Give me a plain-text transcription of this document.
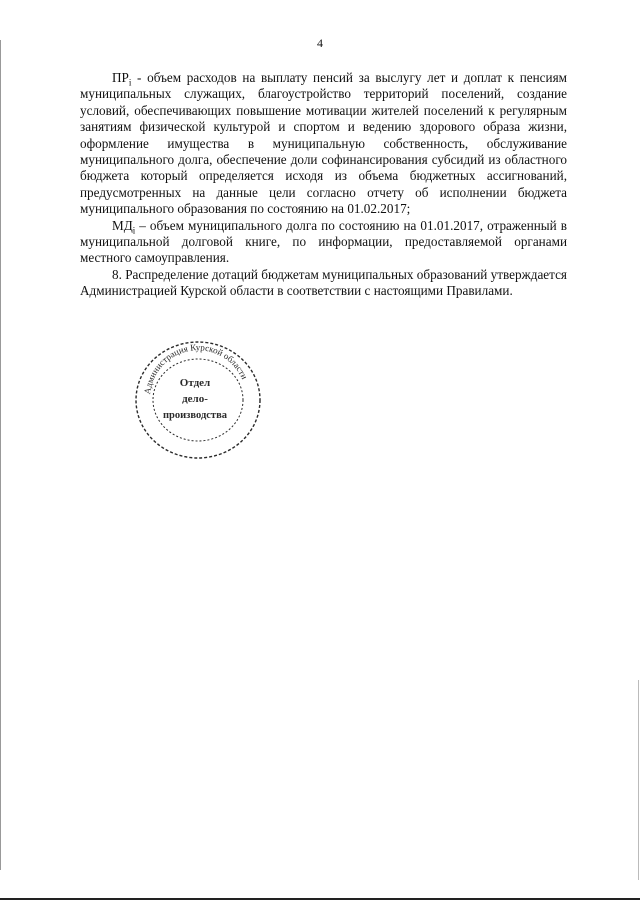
4

$ПР_i$ - объем расходов на выплату пенсий за выслугу лет и доплат к пенсиям муниципальных служащих, благоустройство территорий поселений, создание условий, обеспечивающих повышение мотивации жителей поселений к регулярным занятиям физической культурой и спортом и ведению здорового образа жизни, оформление имущества в муниципальную собственность, обслуживание муниципального долга, обеспечение доли софинансирования субсидий из областного бюджета который определяется исходя из объема бюджетных ассигнований, предусмотренных на данные цели согласно отчету об исполнении бюджета муниципального образования по состоянию на 01.02.2017;

$МД_i$ – объем муниципального долга по состоянию на 01.01.2017, отраженный в муниципальной долговой книге, по информации, предоставляемой органами местного самоуправления.

8. Распределение дотаций бюджетам муниципальных образований утверждается Администрацией Курской области в соответствии с настоящими Правилами.

Администрация Курской области
Отдел
дело-
производства
